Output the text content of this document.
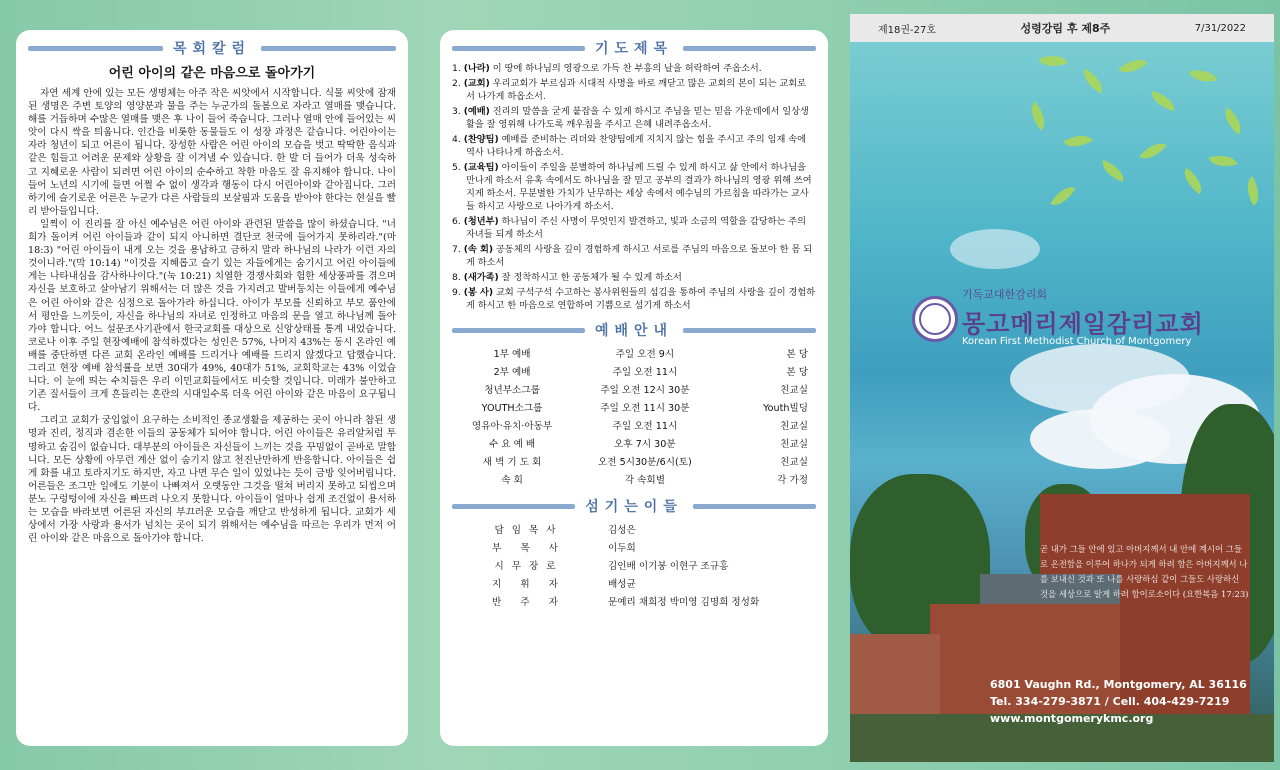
목회칼럼
어린 아이의 같은 마음으로 돌아가기

자연 세계 안에 있는 모든 생명체는 아주 작은 씨앗에서 시작합니다. 식물 씨앗에 잠재된 생명은 주변 토양의 영양분과 물을 주는 누군가의 돌봄으로 자라고 열매를 맺습니다. 해를 거듭하며 수많은 열매를 맺은 후 나이 들어 죽습니다. 그러나 열매 안에 들어있는 씨앗이 다시 싹을 틔웁니다. 인간을 비롯한 동물들도 이 성장 과정은 같습니다. 어린아이는 자라 청년이 되고 어른이 됩니다. 장성한 사람은 어린 아이의 모습을 벗고 딱딱한 음식과 같은 힘들고 어려운 문제와 상황을 잘 이겨낼 수 있습니다. 한 발 더 들어가 더욱 성숙하고 지혜로운 사람이 되려면 어린 아이의 순수하고 착한 마음도 잘 유지해야 합니다. 나이 들어 노년의 시기에 들면 어쩔 수 없이 생각과 행동이 다시 어린아이와 같아집니다. 그러하기에 슬기로운 어른은 누군가 다른 사람들의 보살핌과 도움을 받아야 한다는 현실을 빨리 받아들입니다.

일찍이 이 진리를 잘 아신 예수님은 어린 아이와 관련된 말씀을 많이 하셨습니다. "너희가 돌이켜 어린 아이들과 같이 되지 아니하면 결단코 천국에 들어가지 못하리라."(마 18:3) "어린 아이들이 내게 오는 것을 용납하고 금하지 말라 하나님의 나라가 이런 자의 것이니라."(막 10:14) "이것을 지혜롭고 슬기 있는 자들에게는 숨기시고 어린 아이들에게는 나타내심을 감사하나이다."(눅 10:21) 치열한 경쟁사회와 험한 세상풍파를 겪으며 자신을 보호하고 살아남기 위해서는 더 많은 것을 가지려고 발버둥치는 이들에게 예수님은 어린 아이와 같은 심정으로 돌아가라 하십니다. 아이가 부모를 신뢰하고 부모 품안에서 평안을 느끼듯이, 자신을 하나님의 자녀로 인정하고 마음의 문을 열고 하나님께 돌아가야 합니다. 어느 설문조사기관에서 한국교회를 대상으로 신앙상태를 통계 내었습니다. 코로나 이후 주일 현장예배에 참석하겠다는 성인은 57%, 나머지 43%는 동시 온라인 예배를 중단하면 다른 교회 온라인 예배를 드리거나 예배를 드리지 않겠다고 답했습니다. 그리고 현장 예배 참석률을 보면 30대가 49%, 40대가 51%, 교회학교는 43% 이었습니다. 이 눈에 띄는 수치들은 우리 이민교회들에서도 비슷할 것입니다. 미래가 불안하고 기존 질서들이 크게 흔들리는 혼란의 시대일수록 더욱 어린 아이와 같은 마음이 요구됩니다.

그리고 교회가 궁입없이 요구하는 소비적인 종교생활을 제공하는 곳이 아니라 참된 생명과 진리, 정직과 겸손한 이들의 공동체가 되어야 합니다. 어린 아이들은 유리알처럼 투명하고 숨김이 없습니다. 대부분의 아이들은 자신들이 느끼는 것을 꾸밈없이 곧바로 말합니다. 모든 상황에 아무런 계산 없이 숨기지 않고 천진난만하게 반응합니다. 아이들은 쉽게 화를 내고 토라지기도 하지만, 자고 나면 무슨 일이 있었냐는 듯이 금방 잊어버립니다. 어른들은 조그만 일에도 기분이 나빠져서 오랫동안 그것을 떨쳐 버리지 못하고 되씹으며 분노 구렁텅이에 자신을 빠뜨려 나오지 못합니다. 아이들이 얼마나 쉽게 조건없이 용서하는 모습을 바라보면 어른된 자신의 부끄러운 모습을 깨닫고 반성하게 됩니다. 교회가 세상에서 가장 사랑과 용서가 넘치는 곳이 되기 위해서는 예수님을 따르는 우리가 먼저 어린 아이와 같은 마음으로 돌아가야 합니다.

기도제목
1. (나라) 이 땅에 하나님의 영광으로 가득 찬 부흥의 날을 허락하여 주옵소서.
2. (교회) 우리교회가 부르심과 시대적 사명을 바로 깨닫고 많은 교회의 본이 되는 교회로 서 나가게 하옵소서.
3. (예배) 진리의 말씀을 굳게 붙잡을 수 있게 하시고 주님을 믿는 믿음 가운데에서 일상생활을 잘 영위해 나가도록 깨우침을 주시고 은혜 내려주옵소서.
4. (찬양팀) 예배를 준비하는 리더와 찬양팀에게 지치지 않는 힘을 주시고 주의 임재 속에 역사 나타나게 하옵소서.
5. (교육팀) 아이들이 주일을 분별하여 하나님께 드릴 수 있게 하시고 삶 안에서 하나님을 만나게 하소서 유혹 속에서도 하나님을 잘 믿고 공부의 결과가 하나님의 영광 위해 쓰여지게 하소서. 무분별한 가치가 난무하는 세상 속에서 예수님의 가르침을 따라가는 교사들 하시고 사랑으로 나아가게 하소서.
6. (청년부) 하나님이 주신 사명이 무엇인지 발견하고, 빛과 소금의 역할을 감당하는 주의 자녀들 되게 하소서
7. (속 회) 공동체의 사랑을 깊이 경험하게 하시고 서로를 주님의 마음으로 돌보아 한 몸 되게 하소서
8. (새가족) 잘 정착하시고 한 공동체가 될 수 있게 하소서
9. (봉 사) 교회 구석구석 수고하는 봉사위원들의 섬김을 통하여 주님의 사랑을 깊이 경험하게 하시고 한 마음으로 연합하여 기쁨으로 섬기게 하소서
예배안내
1부 예배	주일 오전 9시	본 당
2부 예배	주일 오전 11시	본 당
청년부소그룹	주일 오전 12시 30분	친교실
YOUTH소그룹	주일 오전 11시 30분	Youth빌딩
영유아·유치·아동부	주일 오전 11시	친교실
수 요 예 배	오후 7시 30분	친교실
새 벽 기 도 회	오전 5시30분/6시(토)	친교실
속 회	각 속회별	각 가정
섬기는이들
담임목사	김성은
부 목 사	이두희
시무장로	김인배 이기붕 이현구 조규홍
지 휘 자	배성균
반 주 자	문예리 채희정 박미영 김명희 정성화
제18권-27호	성령강림 후 제8주	7/31/2022
기독교대한감리회
몽고메리제일감리교회
Korean First Methodist Church of Montgomery
곧 내가 그들 안에 있고 아버지께서 내 안에 계시어 그들로 온전함을 이루어 하나가 되게 하려 함은 아버지께서 나를 보내신 것과 또 나를 사랑하심 같이 그들도 사랑하신 것을 세상으로 알게 하려 함이로소이다 (요한복음 17:23)
6801 Vaughn Rd., Montgomery, AL 36116
Tel. 334-279-3871 / Cell. 404-429-7219
www.montgomerykmc.org
